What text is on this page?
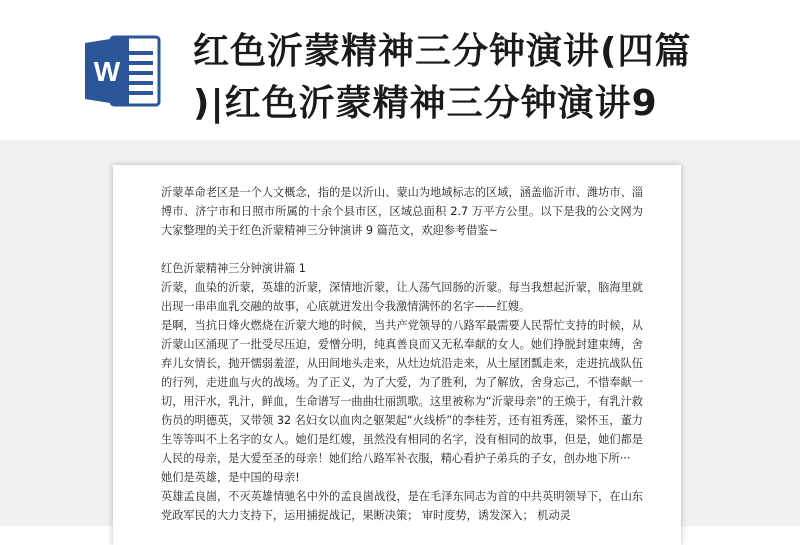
W 红色沂蒙精神三分钟演讲(四篇
)|红色沂蒙精神三分钟演讲9

沂蒙革命老区是一个人文概念，指的是以沂山、蒙山为地域标志的区域，涵盖临沂市、潍坊市、淄博市、济宁市和日照市所属的十余个县市区，区域总面积 2.7 万平方公里。以下是我的公文网为大家整理的关于红色沂蒙精神三分钟演讲 9 篇范文，欢迎参考借鉴~

红色沂蒙精神三分钟演讲篇 1

沂蒙，血染的沂蒙，英雄的沂蒙，深情地沂蒙，让人荡气回肠的沂蒙。每当我想起沂蒙，脑海里就出现一串串血乳交融的故事，心底就迸发出令我激情满怀的名字——红嫂。

是啊，当抗日烽火燃烧在沂蒙大地的时候，当共产党领导的八路军最需要人民帮忙支持的时候，从沂蒙山区涌现了一批受尽压迫，爱憎分明，纯真善良而又无私奉献的女人。她们挣脱封建束缚，舍弃儿女情长，抛开懦弱羞涩，从田间地头走来，从灶边炕沿走来，从土屋团瓢走来，走进抗战队伍的行列，走进血与火的战场。为了正义，为了大爱，为了胜利，为了解放，舍身忘己，不惜奉献一切，用汗水，乳汁，鲜血，生命谱写一曲曲壮丽凯歌。这里被称为“沂蒙母亲”的王焕于，有乳汁救伤员的明德英，又带领 32 名妇女以血肉之躯架起“火线桥”的李桂芳，还有祖秀莲，梁怀玉，董力生等等叫不上名字的女人。她们是红嫂，虽然没有相同的名字，没有相同的故事，但是，她们都是人民的母亲，是大爱至圣的母亲！她们给八路军补衣服，精心看护子弟兵的子女，创办地下所···

她们是英雄，是中国的母亲!

英雄孟良崮，不灭英雄情驰名中外的孟良崮战役，是在毛泽东同志为首的中共英明领导下，在山东党政军民的大力支持下，运用捕捉战记，果断决策； 审时度势，诱发深入； 机动灵
